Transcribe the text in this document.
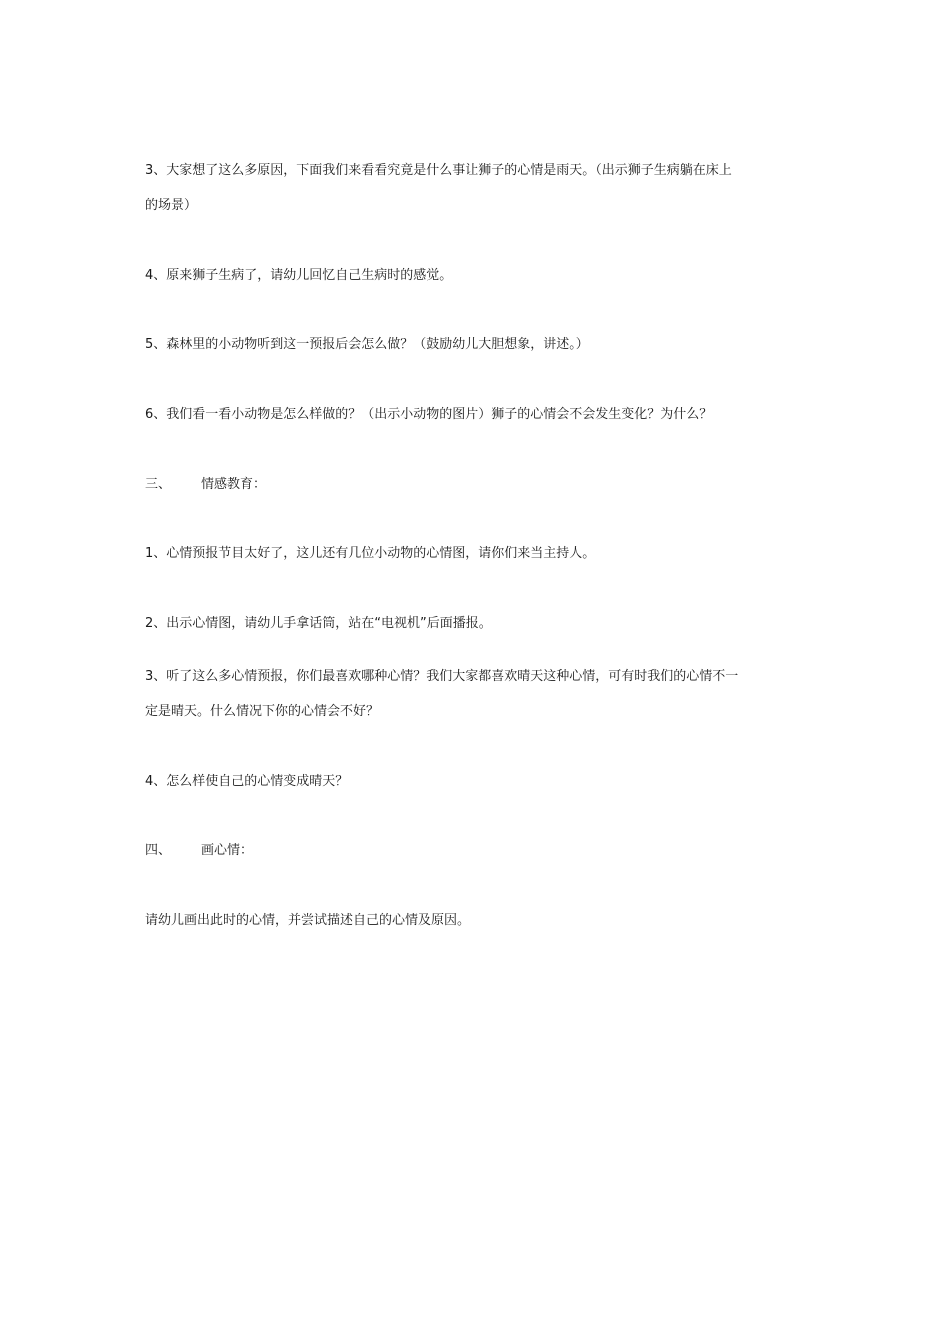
3、大家想了这么多原因，下面我们来看看究竟是什么事让狮子的心情是雨天。（出示狮子生病躺在床上
的场景）
4、原来狮子生病了，请幼儿回忆自己生病时的感觉。
5、森林里的小动物听到这一预报后会怎么做？（鼓励幼儿大胆想象，讲述。）
6、我们看一看小动物是怎么样做的？（出示小动物的图片）狮子的心情会不会发生变化？为什么？
三、 情感教育：
1、心情预报节目太好了，这儿还有几位小动物的心情图，请你们来当主持人。
2、出示心情图，请幼儿手拿话筒，站在“电视机”后面播报。
3、听了这么多心情预报，你们最喜欢哪种心情？我们大家都喜欢晴天这种心情，可有时我们的心情不一
定是晴天。什么情况下你的心情会不好？
4、怎么样使自己的心情变成晴天？
四、 画心情：
请幼儿画出此时的心情，并尝试描述自己的心情及原因。
